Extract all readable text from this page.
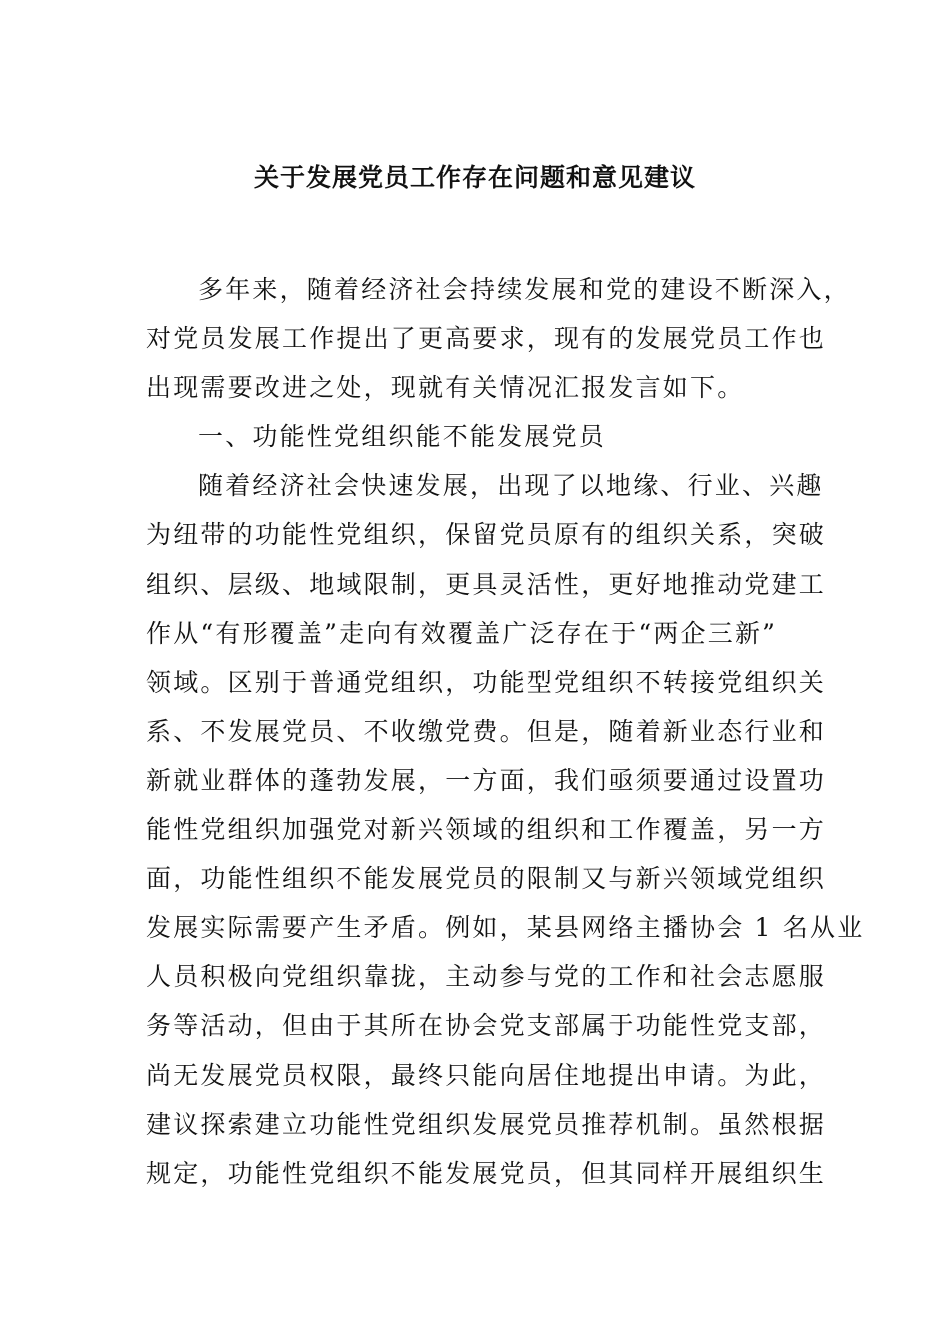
关于发展党员工作存在问题和意见建议
多年来，随着经济社会持续发展和党的建设不断深入，
对党员发展工作提出了更高要求，现有的发展党员工作也
出现需要改进之处，现就有关情况汇报发言如下。
一、功能性党组织能不能发展党员
随着经济社会快速发展，出现了以地缘、行业、兴趣
为纽带的功能性党组织，保留党员原有的组织关系，突破
组织、层级、地域限制，更具灵活性，更好地推动党建工
作从“有形覆盖”走向有效覆盖广泛存在于“两企三新”
领域。区别于普通党组织，功能型党组织不转接党组织关
系、不发展党员、不收缴党费。但是，随着新业态行业和
新就业群体的蓬勃发展，一方面，我们亟须要通过设置功
能性党组织加强党对新兴领域的组织和工作覆盖，另一方
面，功能性组织不能发展党员的限制又与新兴领域党组织
发展实际需要产生矛盾。例如，某县网络主播协会 1 名从业
人员积极向党组织靠拢，主动参与党的工作和社会志愿服
务等活动，但由于其所在协会党支部属于功能性党支部，
尚无发展党员权限，最终只能向居住地提出申请。为此，
建议探索建立功能性党组织发展党员推荐机制。虽然根据
规定，功能性党组织不能发展党员，但其同样开展组织生
